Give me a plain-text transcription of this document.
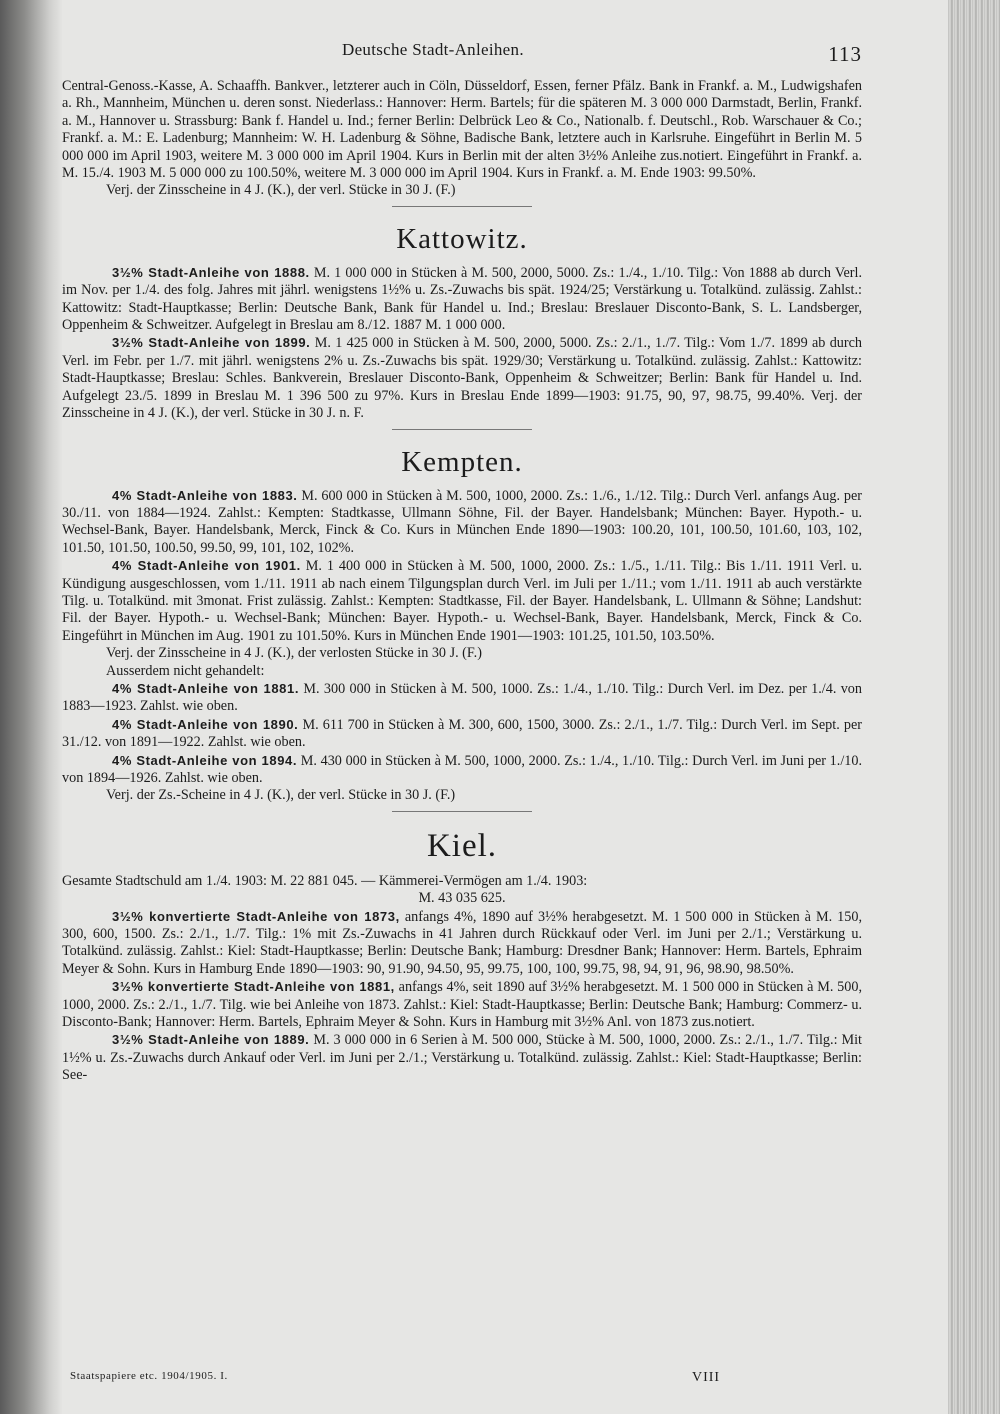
Deutsche Stadt-Anleihen.	113

Central-Genoss.-Kasse, A. Schaaffh. Bankver., letzterer auch in Cöln, Düsseldorf, Essen, ferner Pfälz. Bank in Frankf. a. M., Ludwigshafen a. Rh., Mannheim, München u. deren sonst. Niederlass.: Hannover: Herm. Bartels; für die späteren M. 3 000 000 Darmstadt, Berlin, Frankf. a. M., Hannover u. Strassburg: Bank f. Handel u. Ind.; ferner Berlin: Delbrück Leo & Co., Nationalb. f. Deutschl., Rob. Warschauer & Co.; Frankf. a. M.: E. Ladenburg; Mannheim: W. H. Ladenburg & Söhne, Badische Bank, letztere auch in Karlsruhe. Eingeführt in Berlin M. 5 000 000 im April 1903, weitere M. 3 000 000 im April 1904. Kurs in Berlin mit der alten 3½% Anleihe zus.notiert. Eingeführt in Frankf. a. M. 15./4. 1903 M. 5 000 000 zu 100.50%, weitere M. 3 000 000 im April 1904. Kurs in Frankf. a. M. Ende 1903: 99.50%.

Verj. der Zinsscheine in 4 J. (K.), der verl. Stücke in 30 J. (F.)

Kattowitz.

3½% Stadt-Anleihe von 1888. M. 1 000 000 in Stücken à M. 500, 2000, 5000. Zs.: 1./4., 1./10. Tilg.: Von 1888 ab durch Verl. im Nov. per 1./4. des folg. Jahres mit jährl. wenigstens 1½% u. Zs.-Zuwachs bis spät. 1924/25; Verstärkung u. Totalkünd. zulässig. Zahlst.: Kattowitz: Stadt-Hauptkasse; Berlin: Deutsche Bank, Bank für Handel u. Ind.; Breslau: Breslauer Disconto-Bank, S. L. Landsberger, Oppenheim & Schweitzer. Aufgelegt in Breslau am 8./12. 1887 M. 1 000 000.

3½% Stadt-Anleihe von 1899. M. 1 425 000 in Stücken à M. 500, 2000, 5000. Zs.: 2./1., 1./7. Tilg.: Vom 1./7. 1899 ab durch Verl. im Febr. per 1./7. mit jährl. wenigstens 2% u. Zs.-Zuwachs bis spät. 1929/30; Verstärkung u. Totalkünd. zulässig. Zahlst.: Kattowitz: Stadt-Hauptkasse; Breslau: Schles. Bankverein, Breslauer Disconto-Bank, Oppenheim & Schweitzer; Berlin: Bank für Handel u. Ind. Aufgelegt 23./5. 1899 in Breslau M. 1 396 500 zu 97%. Kurs in Breslau Ende 1899—1903: 91.75, 90, 97, 98.75, 99.40%. Verj. der Zinsscheine in 4 J. (K.), der verl. Stücke in 30 J. n. F.

Kempten.

4% Stadt-Anleihe von 1883. M. 600 000 in Stücken à M. 500, 1000, 2000. Zs.: 1./6., 1./12. Tilg.: Durch Verl. anfangs Aug. per 30./11. von 1884—1924. Zahlst.: Kempten: Stadtkasse, Ullmann Söhne, Fil. der Bayer. Handelsbank; München: Bayer. Hypoth.- u. Wechsel-Bank, Bayer. Handelsbank, Merck, Finck & Co. Kurs in München Ende 1890—1903: 100.20, 101, 100.50, 101.60, 103, 102, 101.50, 101.50, 100.50, 99.50, 99, 101, 102, 102%.

4% Stadt-Anleihe von 1901. M. 1 400 000 in Stücken à M. 500, 1000, 2000. Zs.: 1./5., 1./11. Tilg.: Bis 1./11. 1911 Verl. u. Kündigung ausgeschlossen, vom 1./11. 1911 ab nach einem Tilgungsplan durch Verl. im Juli per 1./11.; vom 1./11. 1911 ab auch verstärkte Tilg. u. Totalkünd. mit 3monat. Frist zulässig. Zahlst.: Kempten: Stadtkasse, Fil. der Bayer. Handelsbank, L. Ullmann & Söhne; Landshut: Fil. der Bayer. Hypoth.- u. Wechsel-Bank; München: Bayer. Hypoth.- u. Wechsel-Bank, Bayer. Handelsbank, Merck, Finck & Co. Eingeführt in München im Aug. 1901 zu 101.50%. Kurs in München Ende 1901—1903: 101.25, 101.50, 103.50%.

Verj. der Zinsscheine in 4 J. (K.), der verlosten Stücke in 30 J. (F.)

Ausserdem nicht gehandelt:

4% Stadt-Anleihe von 1881. M. 300 000 in Stücken à M. 500, 1000. Zs.: 1./4., 1./10. Tilg.: Durch Verl. im Dez. per 1./4. von 1883—1923. Zahlst. wie oben.

4% Stadt-Anleihe von 1890. M. 611 700 in Stücken à M. 300, 600, 1500, 3000. Zs.: 2./1., 1./7. Tilg.: Durch Verl. im Sept. per 31./12. von 1891—1922. Zahlst. wie oben.

4% Stadt-Anleihe von 1894. M. 430 000 in Stücken à M. 500, 1000, 2000. Zs.: 1./4., 1./10. Tilg.: Durch Verl. im Juni per 1./10. von 1894—1926. Zahlst. wie oben.

Verj. der Zs.-Scheine in 4 J. (K.), der verl. Stücke in 30 J. (F.)

Kiel.

Gesamte Stadtschuld am 1./4. 1903: M. 22 881 045. — Kämmerei-Vermögen am 1./4. 1903:

M. 43 035 625.

3½% konvertierte Stadt-Anleihe von 1873, anfangs 4%, 1890 auf 3½% herabgesetzt. M. 1 500 000 in Stücken à M. 150, 300, 600, 1500. Zs.: 2./1., 1./7. Tilg.: 1% mit Zs.-Zuwachs in 41 Jahren durch Rückkauf oder Verl. im Juni per 2./1.; Verstärkung u. Totalkünd. zulässig. Zahlst.: Kiel: Stadt-Hauptkasse; Berlin: Deutsche Bank; Hamburg: Dresdner Bank; Hannover: Herm. Bartels, Ephraim Meyer & Sohn. Kurs in Hamburg Ende 1890—1903: 90, 91.90, 94.50, 95, 99.75, 100, 100, 99.75, 98, 94, 91, 96, 98.90, 98.50%.

3½% konvertierte Stadt-Anleihe von 1881, anfangs 4%, seit 1890 auf 3½% herabgesetzt. M. 1 500 000 in Stücken à M. 500, 1000, 2000. Zs.: 2./1., 1./7. Tilg. wie bei Anleihe von 1873. Zahlst.: Kiel: Stadt-Hauptkasse; Berlin: Deutsche Bank; Hamburg: Commerz- u. Disconto-Bank; Hannover: Herm. Bartels, Ephraim Meyer & Sohn. Kurs in Hamburg mit 3½% Anl. von 1873 zus.notiert.

3½% Stadt-Anleihe von 1889. M. 3 000 000 in 6 Serien à M. 500 000, Stücke à M. 500, 1000, 2000. Zs.: 2./1., 1./7. Tilg.: Mit 1½% u. Zs.-Zuwachs durch Ankauf oder Verl. im Juni per 2./1.; Verstärkung u. Totalkünd. zulässig. Zahlst.: Kiel: Stadt-Hauptkasse; Berlin: See-

Staatspapiere etc. 1904/1905. I.	VIII
